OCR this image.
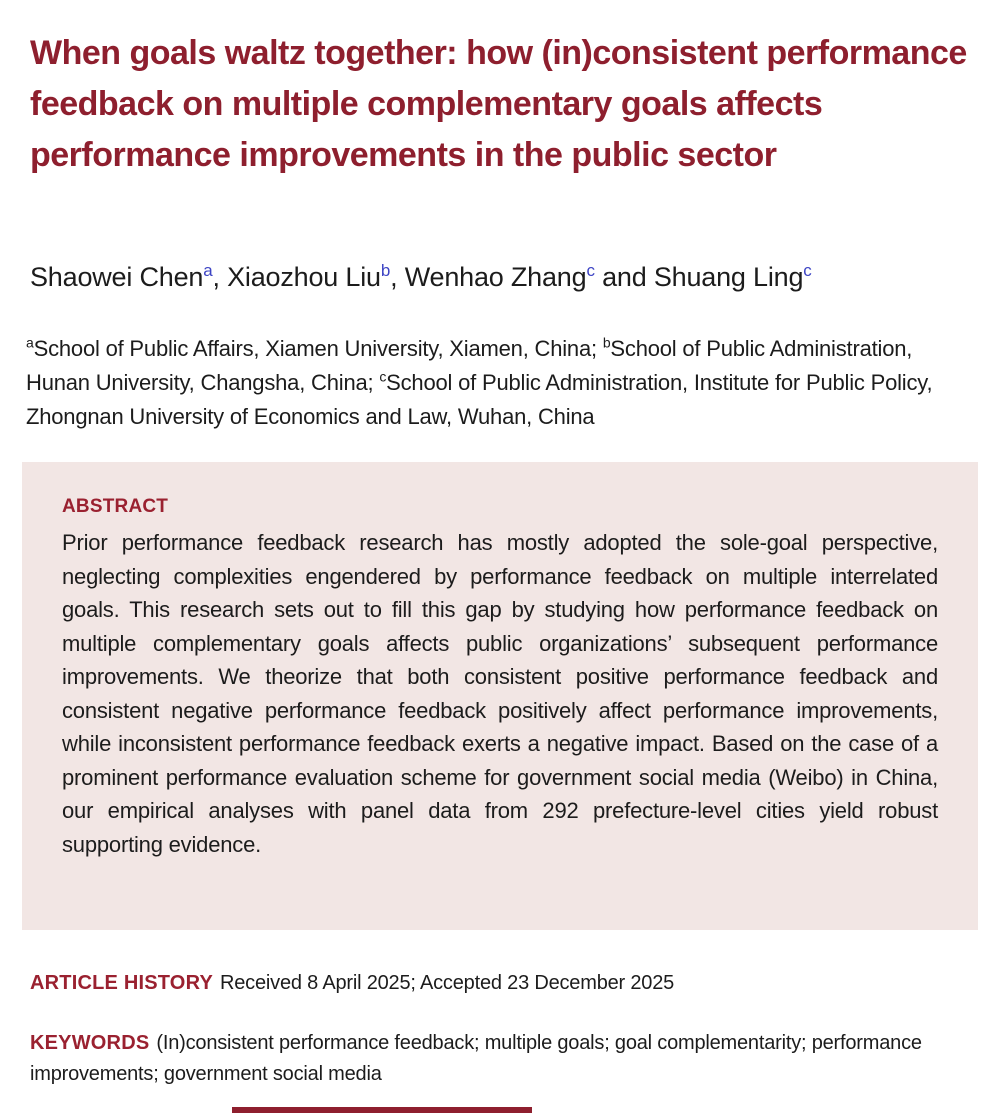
When goals waltz together: how (in)consistent performance feedback on multiple complementary goals affects performance improvements in the public sector
Shaowei Chen$^a$, Xiaozhou Liu$^b$, Wenhao Zhang$^c$ and Shuang Ling$^c$

$^a$School of Public Affairs, Xiamen University, Xiamen, China; $^b$School of Public Administration, Hunan University, Changsha, China; $^c$School of Public Administration, Institute for Public Policy, Zhongnan University of Economics and Law, Wuhan, China

ABSTRACT

Prior performance feedback research has mostly adopted the sole-goal perspective, neglecting complexities engendered by performance feedback on multiple interrelated goals. This research sets out to fill this gap by studying how performance feedback on multiple complementary goals affects public organizations’ subsequent performance improvements. We theorize that both consistent positive performance feedback and consistent negative performance feedback positively affect performance improvements, while inconsistent performance feedback exerts a negative impact. Based on the case of a prominent performance evaluation scheme for government social media (Weibo) in China, our empirical analyses with panel data from 292 prefecture-level cities yield robust supporting evidence.

ARTICLE HISTORY Received 8 April 2025; Accepted 23 December 2025

KEYWORDS (In)consistent performance feedback; multiple goals; goal complementarity; performance improvements; government social media
